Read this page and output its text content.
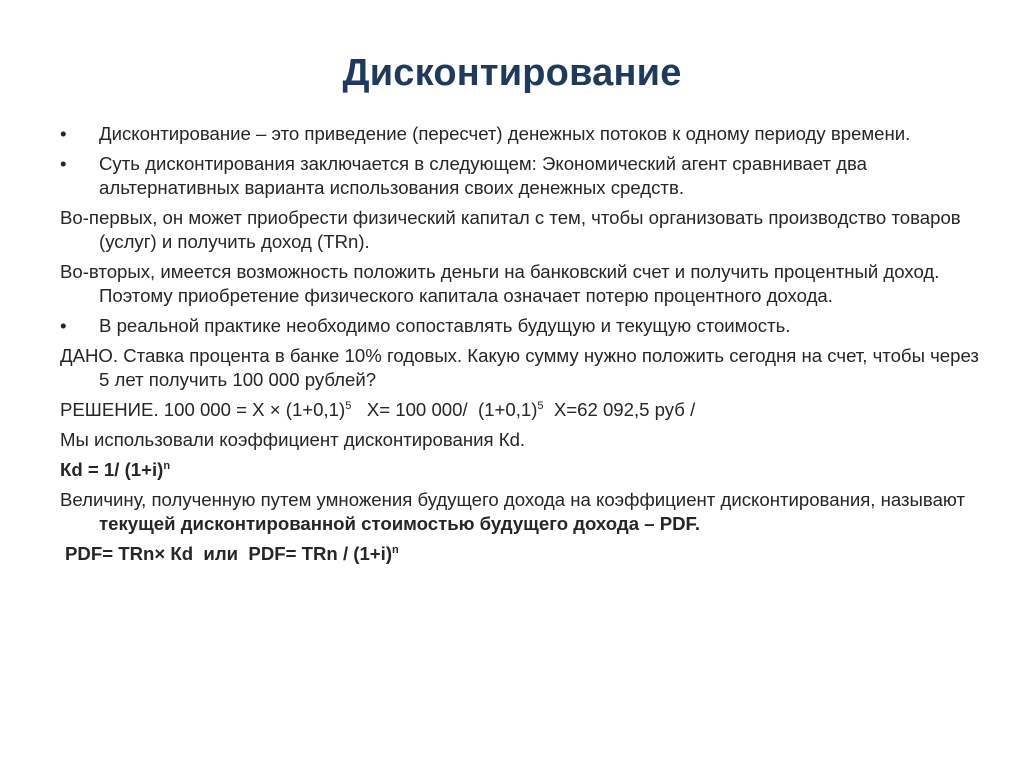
Дисконтирование
• Дисконтирование – это приведение (пересчет) денежных потоков к одному периоду времени.
• Суть дисконтирования заключается в следующем: Экономический агент сравнивает два альтернативных варианта использования своих денежных средств.
Во-первых, он может приобрести физический капитал с тем, чтобы организовать производство товаров (услуг) и получить доход (TRn).
Во-вторых, имеется возможность положить деньги на банковский счет и получить процентный доход. Поэтому приобретение физического капитала означает потерю процентного дохода.
• В реальной практике необходимо сопоставлять будущую и текущую стоимость.
ДАНО. Ставка процента в банке 10% годовых. Какую сумму нужно положить сегодня на счет, чтобы через 5 лет получить 100 000 рублей?
РЕШЕНИЕ. 100 $000 = Х \times (1+0,1)^5$   Х= 100 000/  $(1+0,1)^5$  Х=62 092,5 руб /
Мы использовали коэффициент дисконтирования Кd.
Кd = 1/ $(1+i)^n$
Величину, полученную путем умножения будущего дохода на коэффициент дисконтирования, называют текущей дисконтированной стоимостью будущего дохода – PDF.
PDF= TRn× Кd  или  PDF= TRn / $(1+i)^n$
